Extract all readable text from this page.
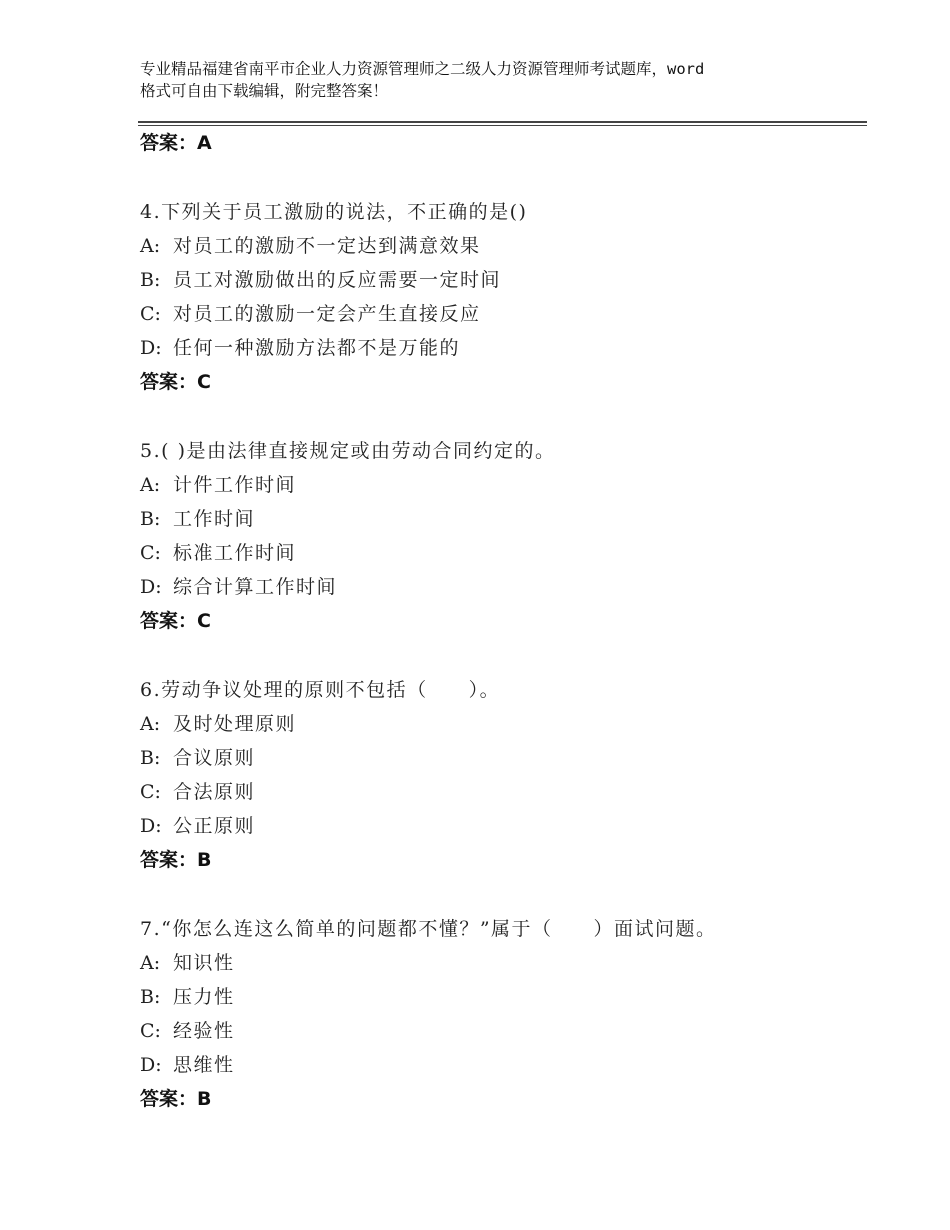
专业精品福建省南平市企业人力资源管理师之二级人力资源管理师考试题库，word
格式可自由下载编辑，附完整答案！
答案：A
4.下列关于员工激励的说法，不正确的是()
A: 对员工的激励不一定达到满意效果
B: 员工对激励做出的反应需要一定时间
C: 对员工的激励一定会产生直接反应
D: 任何一种激励方法都不是万能的
答案：C
5.( )是由法律直接规定或由劳动合同约定的。
A: 计件工作时间
B: 工作时间
C: 标准工作时间
D: 综合计算工作时间
答案：C
6.劳动争议处理的原则不包括（　　）。
A: 及时处理原则
B: 合议原则
C: 合法原则
D: 公正原则
答案：B
7.“你怎么连这么简单的问题都不懂？”属于（　　）面试问题。
A: 知识性
B: 压力性
C: 经验性
D: 思维性
答案：B
